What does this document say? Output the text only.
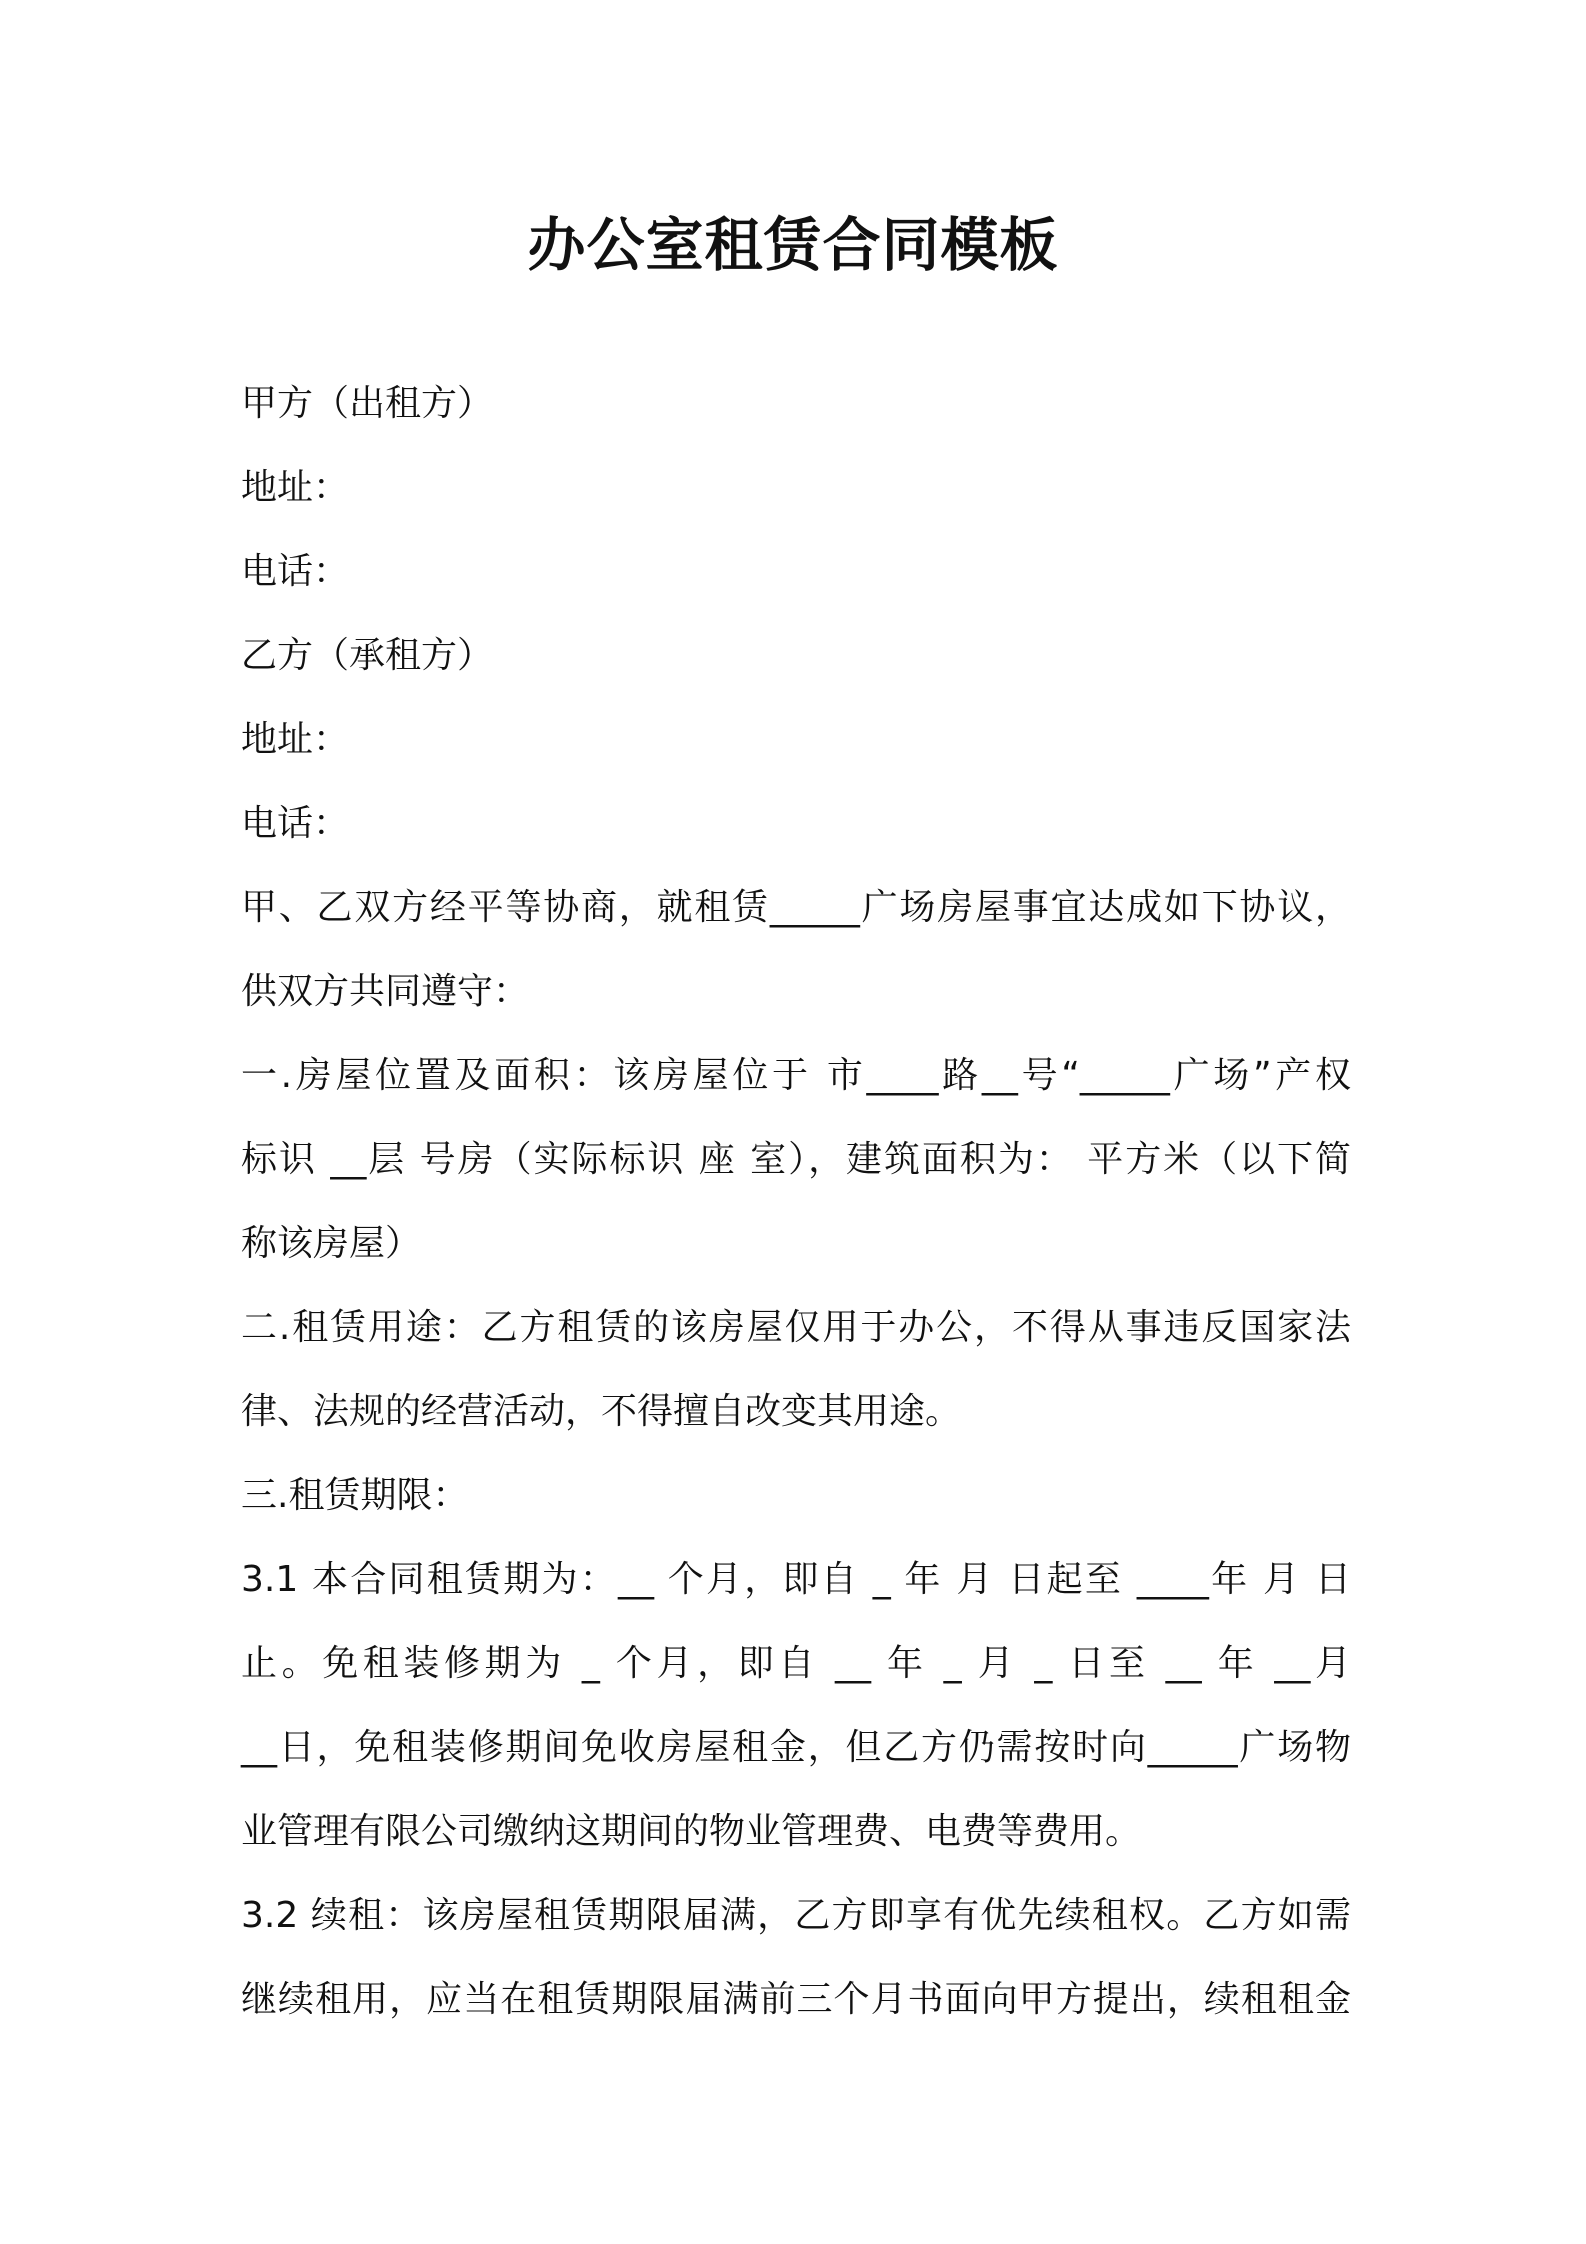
办公室租赁合同模板
甲方（出租方）
地址：
电话：
乙方（承租方）
地址：
电话：
甲、乙双方经平等协商，就租赁_____广场房屋事宜达成如下协议，
供双方共同遵守：
一.房屋位置及面积：该房屋位于 市____路__号“_____广场”产权
标识 __层 号房（实际标识 座 室），建筑面积为： 平方米（以下简
称该房屋）
二.租赁用途：乙方租赁的该房屋仅用于办公，不得从事违反国家法
律、法规的经营活动，不得擅自改变其用途。
三.租赁期限：
3.1 本合同租赁期为：__ 个月，即自 _ 年 月 日起至 ____年 月 日
止。免租装修期为 _ 个月，即自 __ 年 _ 月 _ 日至 __ 年 __月
__日，免租装修期间免收房屋租金，但乙方仍需按时向_____广场物
业管理有限公司缴纳这期间的物业管理费、电费等费用。
3.2 续租：该房屋租赁期限届满，乙方即享有优先续租权。乙方如需
继续租用，应当在租赁期限届满前三个月书面向甲方提出，续租租金
